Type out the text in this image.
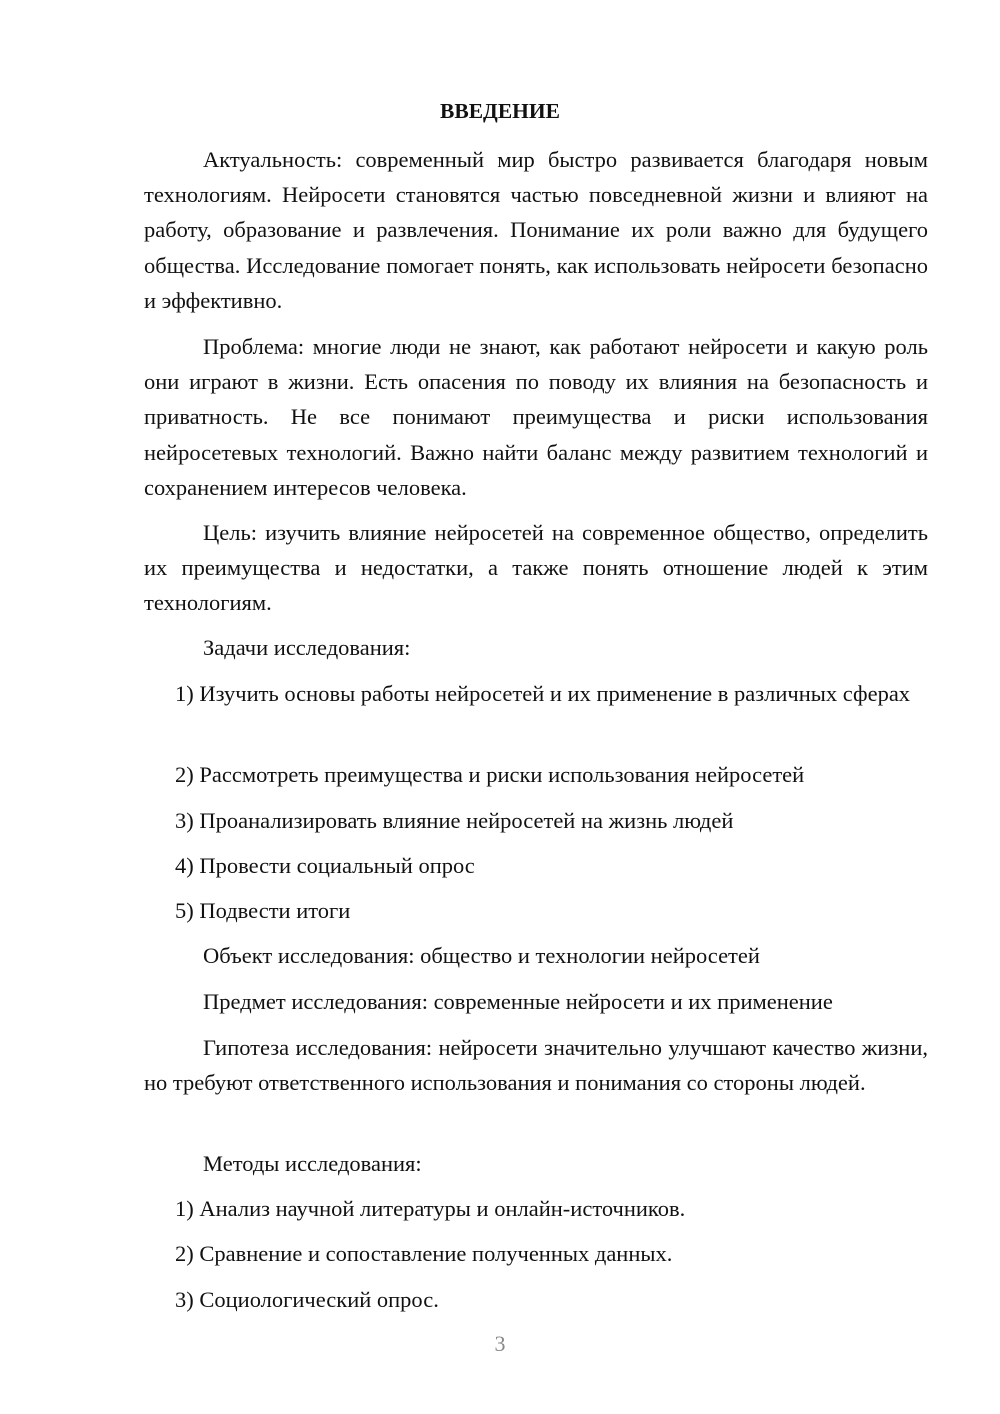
ВВЕДЕНИЕ
Актуальность: современный мир быстро развивается благодаря новым технологиям. Нейросети становятся частью повседневной жизни и влияют на работу, образование и развлечения. Понимание их роли важно для будущего общества. Исследование помогает понять, как использовать нейросети безопасно и эффективно.
Проблема: многие люди не знают, как работают нейросети и какую роль они играют в жизни. Есть опасения по поводу их влияния на безопасность и приватность. Не все понимают преимущества и риски использования нейросетевых технологий. Важно найти баланс между развитием технологий и сохранением интересов человека.
Цель: изучить влияние нейросетей на современное общество, определить их преимущества и недостатки, а также понять отношение людей к этим технологиям.
Задачи исследования:
1) Изучить основы работы нейросетей и их применение в различных сферах
2) Рассмотреть преимущества и риски использования нейросетей
3) Проанализировать влияние нейросетей на жизнь людей
4) Провести социальный опрос
5) Подвести итоги
Объект исследования: общество и технологии нейросетей
Предмет исследования: современные нейросети и их применение
Гипотеза исследования: нейросети значительно улучшают качество жизни, но требуют ответственного использования и понимания со стороны людей.
Методы исследования:
1) Анализ научной литературы и онлайн-источников.
2) Сравнение и сопоставление полученных данных.
3) Социологический опрос.
3
